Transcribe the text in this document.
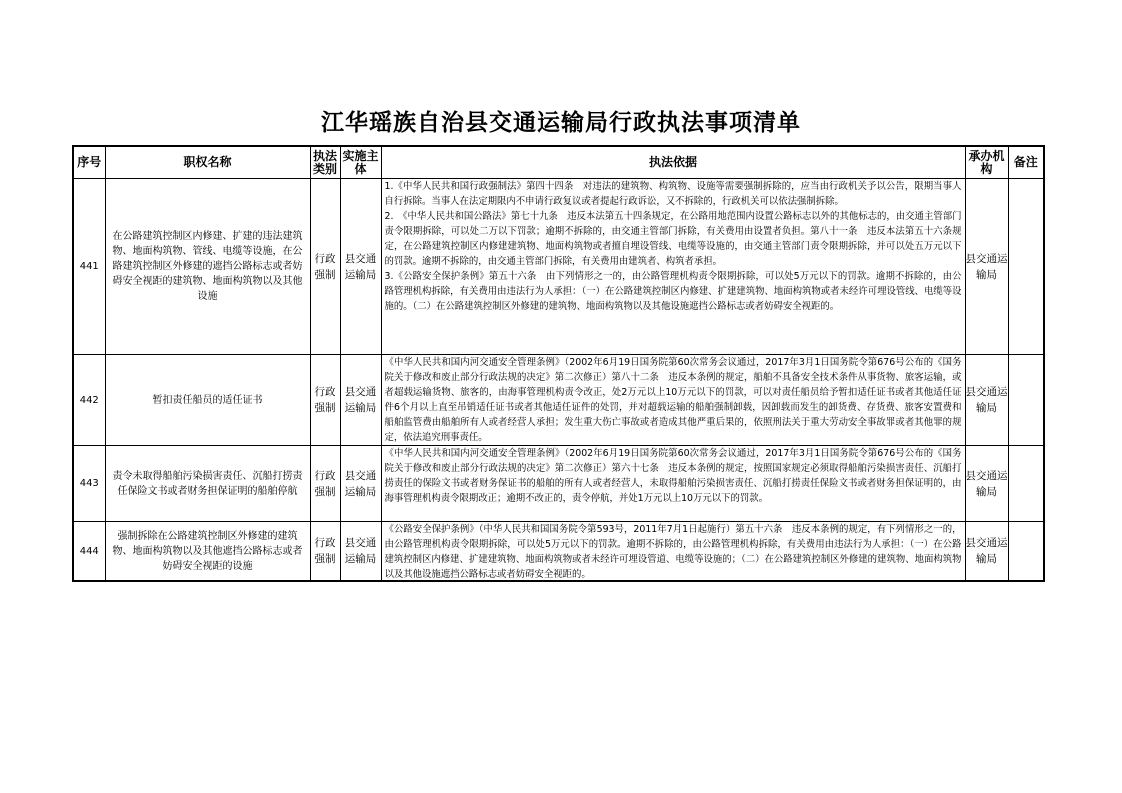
江华瑶族自治县交通运输局行政执法事项清单
序号	职权名称	执法类别	实施主体	执法依据	承办机构	备注
441	在公路建筑控制区内修建、扩建的违法建筑物、地面构筑物、管线、电缆等设施，在公路建筑控制区外修建的遮挡公路标志或者妨碍安全视距的建筑物、地面构筑物以及其他设施	行政强制	县交通运输局	1.《中华人民共和国行政强制法》第四十四条　对违法的建筑物、构筑物、设施等需要强制拆除的，应当由行政机关予以公告，限期当事人自行拆除。当事人在法定期限内不申请行政复议或者提起行政诉讼，又不拆除的，行政机关可以依法强制拆除。
2.　《中华人民共和国公路法》第七十九条　违反本法第五十四条规定，在公路用地范围内设置公路标志以外的其他标志的，由交通主管部门责令限期拆除，可以处二万以下罚款；逾期不拆除的，由交通主管部门拆除，有关费用由设置者负担。第八十一条　违反本法第五十六条规定，在公路建筑控制区内修建建筑物、地面构筑物或者擅自埋设管线、电缆等设施的，由交通主管部门责令限期拆除，并可以处五万元以下的罚款。逾期不拆除的，由交通主管部门拆除，有关费用由建筑者、构筑者承担。
3.《公路安全保护条例》第五十六条　由下列情形之一的，由公路管理机构责令限期拆除，可以处5万元以下的罚款。逾期不拆除的，由公路管理机构拆除，有关费用由违法行为人承担：（一）在公路建筑控制区内修建、扩建建筑物、地面构筑物或者未经许可埋设管线、电缆等设施的。（二）在公路建筑控制区外修建的建筑物、地面构筑物以及其他设施遮挡公路标志或者妨碍安全视距的。	县交通运输局	
442	暂扣责任船员的适任证书	行政强制	县交通运输局	《中华人民共和国内河交通安全管理条例》（2002年6月19日国务院第60次常务会议通过，2017年3月1日国务院令第676号公布的《国务院关于修改和废止部分行政法规的决定》第二次修正）第八十二条　违反本条例的规定，船舶不具备安全技术条件从事货物、旅客运输，或者超载运输货物、旅客的，由海事管理机构责令改正，处2万元以上10万元以下的罚款，可以对责任船员给予暂扣适任证书或者其他适任证件6个月以上直至吊销适任证书或者其他适任证件的处罚，并对超载运输的船舶强制卸载，因卸载而发生的卸货费、存货费、旅客安置费和船舶监管费由船舶所有人或者经营人承担；发生重大伤亡事故或者造成其他严重后果的，依照刑法关于重大劳动安全事故罪或者其他罪的规定，依法追究刑事责任。	县交通运输局	
443	责令未取得船舶污染损害责任、沉船打捞责任保险文书或者财务担保证明的船舶停航	行政强制	县交通运输局	《中华人民共和国内河交通安全管理条例》（2002年6月19日国务院第60次常务会议通过，2017年3月1日国务院令第676号公布的《国务院关于修改和废止部分行政法规的决定》第二次修正）第六十七条　违反本条例的规定，按照国家规定必须取得船舶污染损害责任、沉船打捞责任的保险文书或者财务保证书的船舶的所有人或者经营人，未取得船舶污染损害责任、沉船打捞责任保险文书或者财务担保证明的，由海事管理机构责令限期改正；逾期不改正的，责令停航，并处1万元以上10万元以下的罚款。	县交通运输局	
444	强制拆除在公路建筑控制区外修建的建筑物、地面构筑物以及其他遮挡公路标志或者妨碍安全视距的设施	行政强制	县交通运输局	《公路安全保护条例》（中华人民共和国国务院令第593号，2011年7月1日起施行）第五十六条　违反本条例的规定，有下列情形之一的，由公路管理机构责令限期拆除，可以处5万元以下的罚款。逾期不拆除的，由公路管理机构拆除，有关费用由违法行为人承担：（一）在公路建筑控制区内修建、扩建建筑物、地面构筑物或者未经许可埋设管道、电缆等设施的；（二）在公路建筑控制区外修建的建筑物、地面构筑物以及其他设施遮挡公路标志或者妨碍安全视距的。	县交通运输局	
